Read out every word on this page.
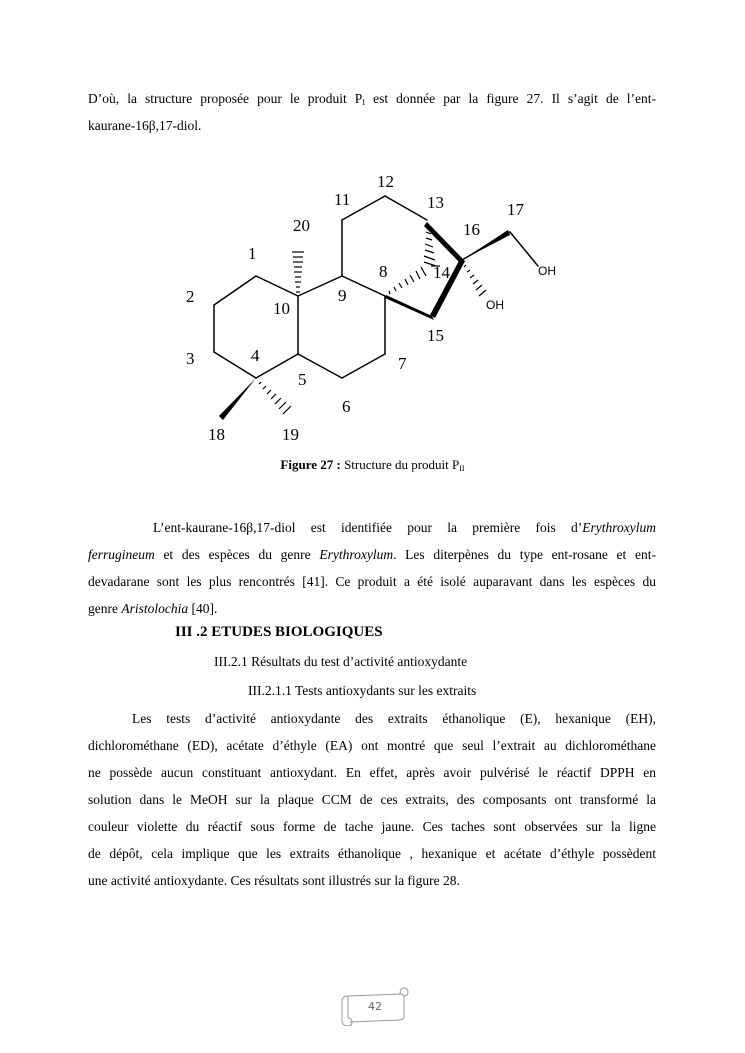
D’où, la structure proposée pour le produit $P_I$ est donnée par la figure 27. Il s’agit de l’ent-
kaurane-16β,17-diol.
1
2
3	4
5
6
7
8
9
10
11
12
13
14
15
16
17
18	19
20
OH
OH
Figure 27 : Structure du produit $P_{II}$
L’ent-kaurane-16β,17-diol est identifiée pour la première fois d’Erythroxylum
ferrugineum et des espèces du genre Erythroxylum. Les diterpènes du type ent-rosane et ent-
devadarane sont les plus rencontrés [41]. Ce produit a été isolé auparavant dans les espèces du
genre Aristolochia [40].
III .2 ETUDES BIOLOGIQUES
III.2.1 Résultats du test d’activité antioxydante
III.2.1.1 Tests antioxydants sur les extraits
Les tests d’activité antioxydante des extraits éthanolique (E), hexanique (EH),
dichlorométhane (ED), acétate d’éthyle (EA) ont montré que seul l’extrait au dichlorométhane
ne possède aucun constituant antioxydant. En effet, après avoir pulvérisé le réactif DPPH en
solution dans le MeOH sur la plaque CCM de ces extraits, des composants ont transformé la
couleur violette du réactif sous forme de tache jaune. Ces taches sont observées sur la ligne
de dépôt, cela implique que les extraits éthanolique , hexanique et acétate d’éthyle possèdent
une activité antioxydante. Ces résultats sont illustrés sur la figure 28.
42
